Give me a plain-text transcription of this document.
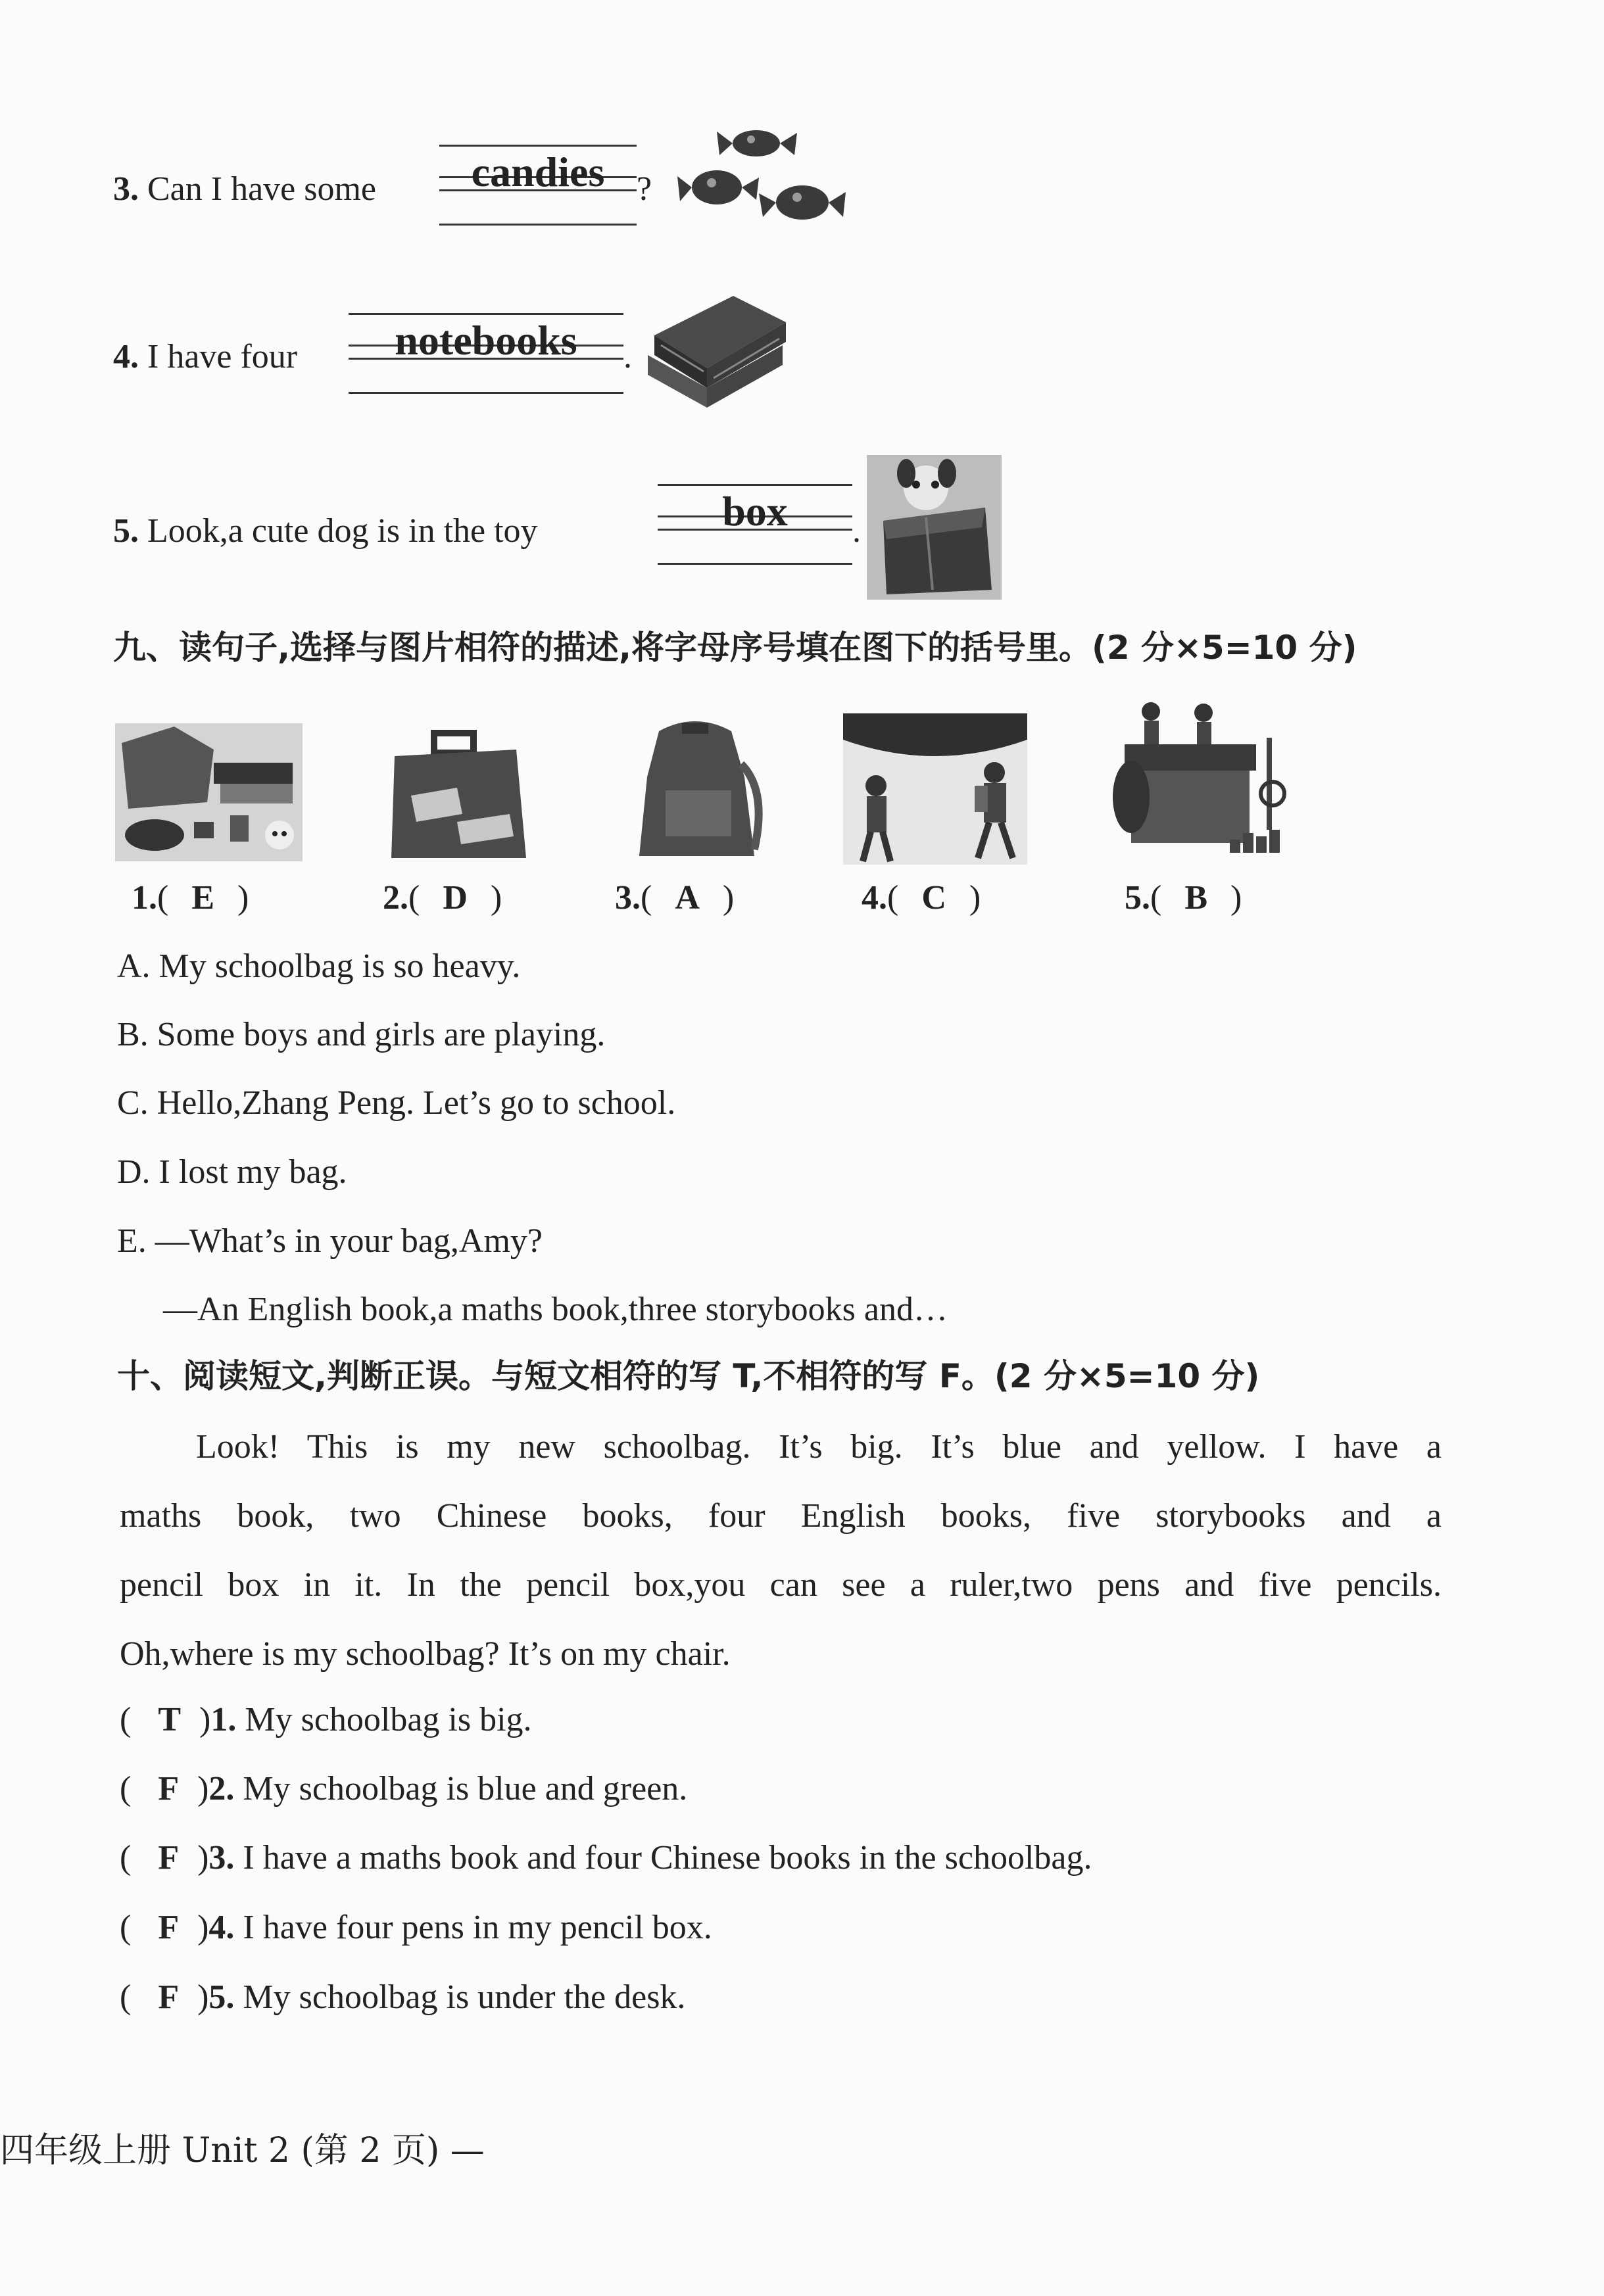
3. Can I have some	candies ?
4. I have four	notebooks	.
5. Look,a cute dog is in the toy	box	.
九、读句子,选择与图片相符的描述,将字母序号填在图下的括号里。(2 分×5=10 分)
1.( E )	2.( D )	3.( A )	4.( C )	5.( B )
A. My schoolbag is so heavy.
B. Some boys and girls are playing.
C. Hello,Zhang Peng. Let’s go to school.
D. I lost my bag.
E. —What’s in your bag,Amy?
—An English book,a maths book,three storybooks and…
十、阅读短文,判断正误。与短文相符的写 T,不相符的写 F。(2 分×5=10 分)
Look! This is my new schoolbag. It’s big. It’s blue and yellow. I have a
maths book, two Chinese books, four English books, five storybooks and a
pencil box in it. In the pencil box,you can see a ruler,two pens and five pencils.
Oh,where is my schoolbag? It’s on my chair.
( T )1. My schoolbag is big.
( F )2. My schoolbag is blue and green.
( F )3. I have a maths book and four Chinese books in the schoolbag.
( F )4. I have four pens in my pencil box.
( F )5. My schoolbag is under the desk.
四年级上册 Unit 2 (第 2 页) —
